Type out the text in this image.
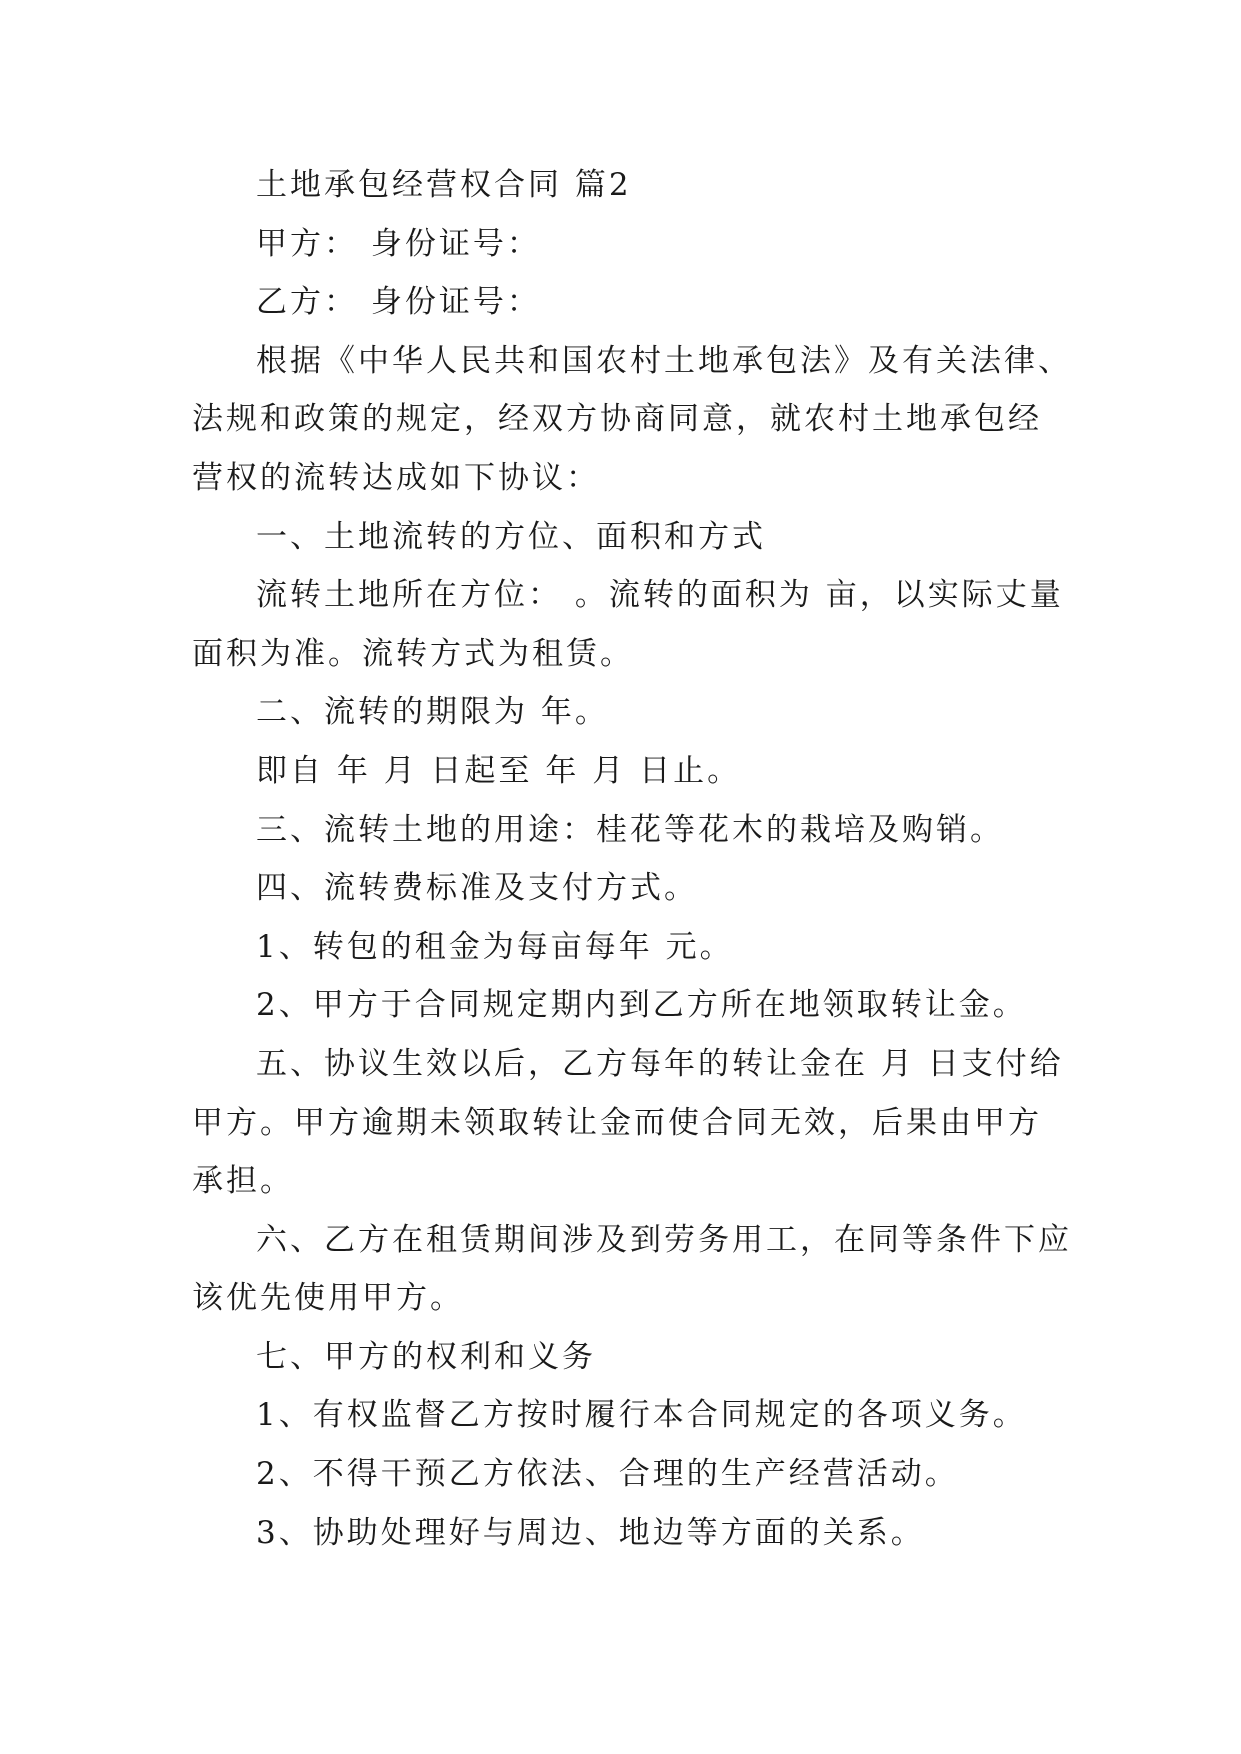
土地承包经营权合同 篇2

甲方： 身份证号：

乙方： 身份证号：

根据《中华人民共和国农村土地承包法》及有关法律、法规和政策的规定，经双方协商同意，就农村土地承包经营权的流转达成如下协议：

一、土地流转的方位、面积和方式

流转土地所在方位： 。流转的面积为 亩，以实际丈量面积为准。流转方式为租赁。

二、流转的期限为 年。

即自 年 月 日起至 年 月 日止。

三、流转土地的用途：桂花等花木的栽培及购销。

四、流转费标准及支付方式。

1、转包的租金为每亩每年 元。

2、甲方于合同规定期内到乙方所在地领取转让金。

五、协议生效以后，乙方每年的转让金在 月 日支付给甲方。甲方逾期未领取转让金而使合同无效，后果由甲方承担。

六、乙方在租赁期间涉及到劳务用工，在同等条件下应该优先使用甲方。

七、甲方的权利和义务

1、有权监督乙方按时履行本合同规定的各项义务。

2、不得干预乙方依法、合理的生产经营活动。

3、协助处理好与周边、地边等方面的关系。
